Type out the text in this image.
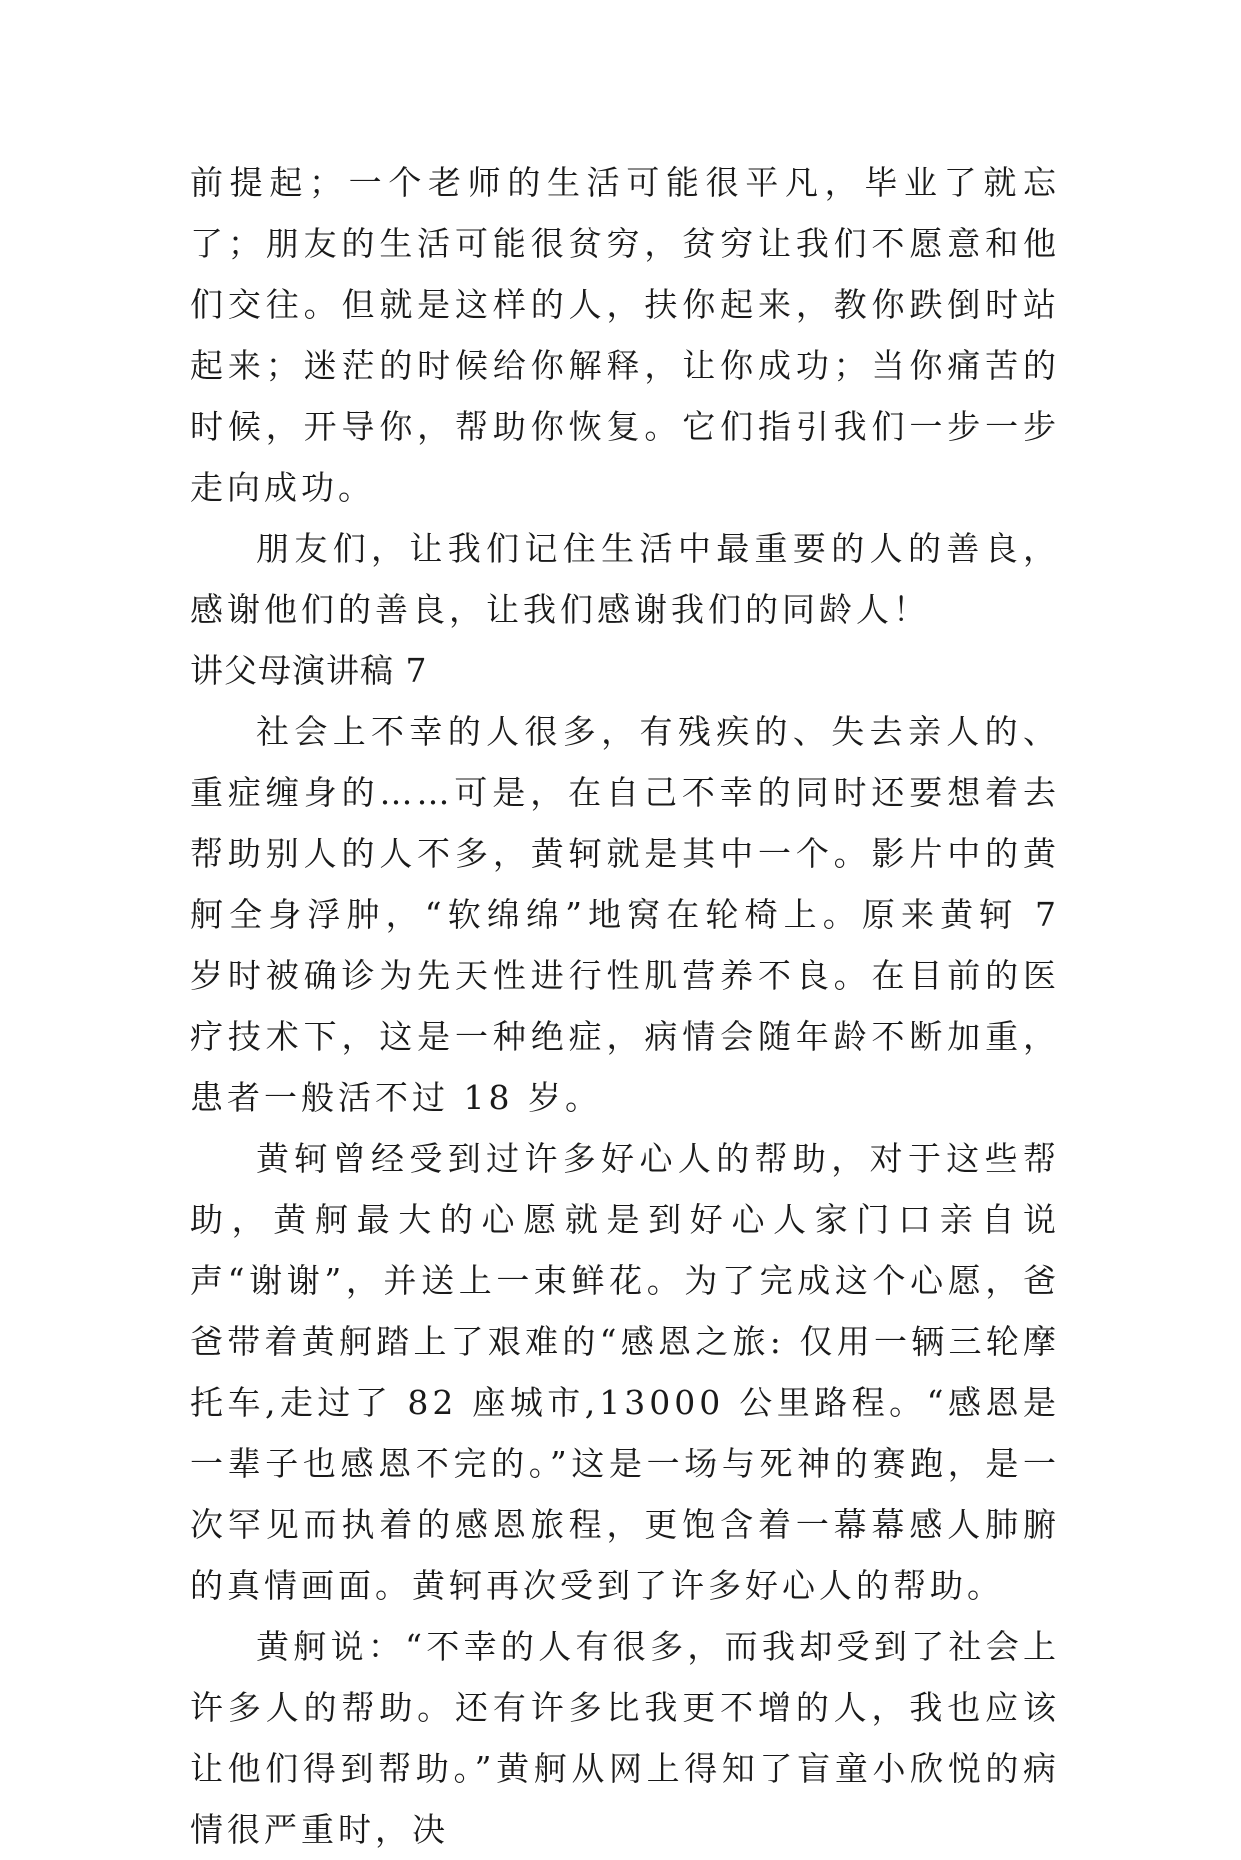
前提起；一个老师的生活可能很平凡，毕业了就忘了；朋友的生活可能很贫穷，贫穷让我们不愿意和他们交往。但就是这样的人，扶你起来，教你跌倒时站起来；迷茫的时候给你解释，让你成功；当你痛苦的时候，开导你，帮助你恢复。它们指引我们一步一步走向成功。

朋友们，让我们记住生活中最重要的人的善良，感谢他们的善良，让我们感谢我们的同龄人！

讲父母演讲稿 7

社会上不幸的人很多，有残疾的、失去亲人的、重症缠身的……可是，在自己不幸的同时还要想着去帮助别人的人不多，黄轲就是其中一个。影片中的黄舸全身浮肿，“软绵绵”地窝在轮椅上。原来黄轲 7 岁时被确诊为先天性进行性肌营养不良。在目前的医疗技术下，这是一种绝症，病情会随年龄不断加重，患者一般活不过 18 岁。

黄轲曾经受到过许多好心人的帮助，对于这些帮助，黄舸最大的心愿就是到好心人家门口亲自说声“谢谢”，并送上一束鲜花。为了完成这个心愿，爸爸带着黄舸踏上了艰难的“感恩之旅: 仅用一辆三轮摩托车,走过了 82 座城市,13000 公里路程。“感恩是一辈子也感恩不完的。”这是一场与死神的赛跑，是一次罕见而执着的感恩旅程，更饱含着一幕幕感人肺腑的真情画面。黄轲再次受到了许多好心人的帮助。

黄舸说：“不幸的人有很多，而我却受到了社会上许多人的帮助。还有许多比我更不增的人，我也应该让他们得到帮助。”黄舸从网上得知了盲童小欣悦的病情很严重时，决
